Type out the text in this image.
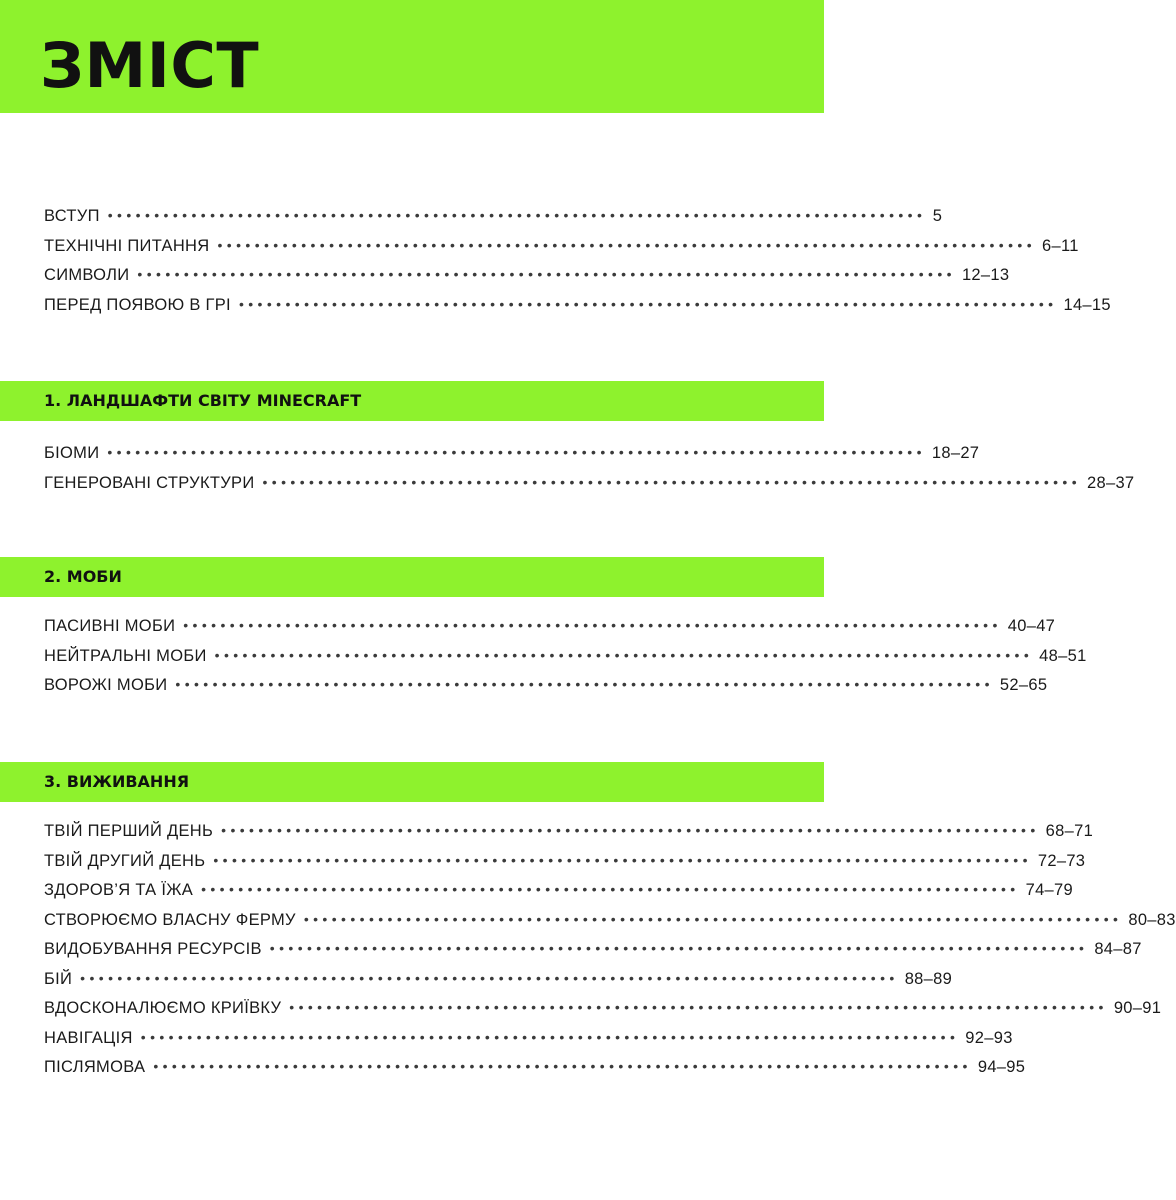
ЗМІСТ
ВСТУП •••••••••••••••••••••••••••••••••••••••••••••••••••••••••••••••••••••••••••••••••••••••• 5
ТЕХНІЧНІ ПИТАННЯ •••••••••••••••••••••••••••••••••••••••••••••••••••••••••••••••••••••••••••••••••••••••• 6–11
СИМВОЛИ •••••••••••••••••••••••••••••••••••••••••••••••••••••••••••••••••••••••••••••••••••••••• 12–13
ПЕРЕД ПОЯВОЮ В ГРІ •••••••••••••••••••••••••••••••••••••••••••••••••••••••••••••••••••••••••••••••••••••••• 14–15
1. ЛАНДШАФТИ СВІТУ MINECRAFT
БІОМИ •••••••••••••••••••••••••••••••••••••••••••••••••••••••••••••••••••••••••••••••••••••••• 18–27
ГЕНЕРОВАНІ СТРУКТУРИ •••••••••••••••••••••••••••••••••••••••••••••••••••••••••••••••••••••••••••••••••••••••• 28–37
2. МОБИ
ПАСИВНІ МОБИ •••••••••••••••••••••••••••••••••••••••••••••••••••••••••••••••••••••••••••••••••••••••• 40–47
НЕЙТРАЛЬНІ МОБИ •••••••••••••••••••••••••••••••••••••••••••••••••••••••••••••••••••••••••••••••••••••••• 48–51
ВОРОЖІ МОБИ •••••••••••••••••••••••••••••••••••••••••••••••••••••••••••••••••••••••••••••••••••••••• 52–65
3. ВИЖИВАННЯ
ТВІЙ ПЕРШИЙ ДЕНЬ •••••••••••••••••••••••••••••••••••••••••••••••••••••••••••••••••••••••••••••••••••••••• 68–71
ТВІЙ ДРУГИЙ ДЕНЬ •••••••••••••••••••••••••••••••••••••••••••••••••••••••••••••••••••••••••••••••••••••••• 72–73
ЗДОРОВ’Я ТА ЇЖА •••••••••••••••••••••••••••••••••••••••••••••••••••••••••••••••••••••••••••••••••••••••• 74–79
СТВОРЮЄМО ВЛАСНУ ФЕРМУ •••••••••••••••••••••••••••••••••••••••••••••••••••••••••••••••••••••••••••••••••••••••• 80–83
ВИДОБУВАННЯ РЕСУРСІВ •••••••••••••••••••••••••••••••••••••••••••••••••••••••••••••••••••••••••••••••••••••••• 84–87
БІЙ •••••••••••••••••••••••••••••••••••••••••••••••••••••••••••••••••••••••••••••••••••••••• 88–89
ВДОСКОНАЛЮЄМО КРИЇВКУ •••••••••••••••••••••••••••••••••••••••••••••••••••••••••••••••••••••••••••••••••••••••• 90–91
НАВІГАЦІЯ •••••••••••••••••••••••••••••••••••••••••••••••••••••••••••••••••••••••••••••••••••••••• 92–93
ПІСЛЯМОВА •••••••••••••••••••••••••••••••••••••••••••••••••••••••••••••••••••••••••••••••••••••••• 94–95
